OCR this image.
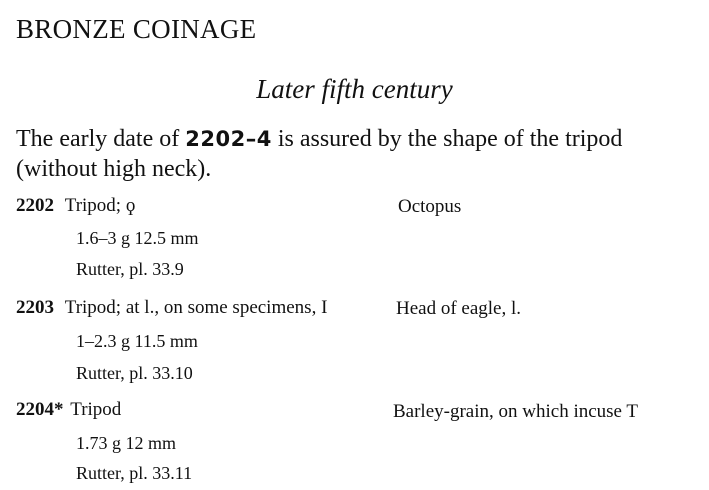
BRONZE COINAGE
Later fifth century
The early date of 2202–4 is assured by the shape of the tripod (without high neck).
2202 Tripod; ϙ	Octopus
1.6–3 g 12.5 mm
Rutter, pl. 33.9
2203 Tripod; at l., on some specimens, I	Head of eagle, l.
1–2.3 g 11.5 mm
Rutter, pl. 33.10
2204* Tripod	Barley-grain, on which incuse T
1.73 g 12 mm
Rutter, pl. 33.11
